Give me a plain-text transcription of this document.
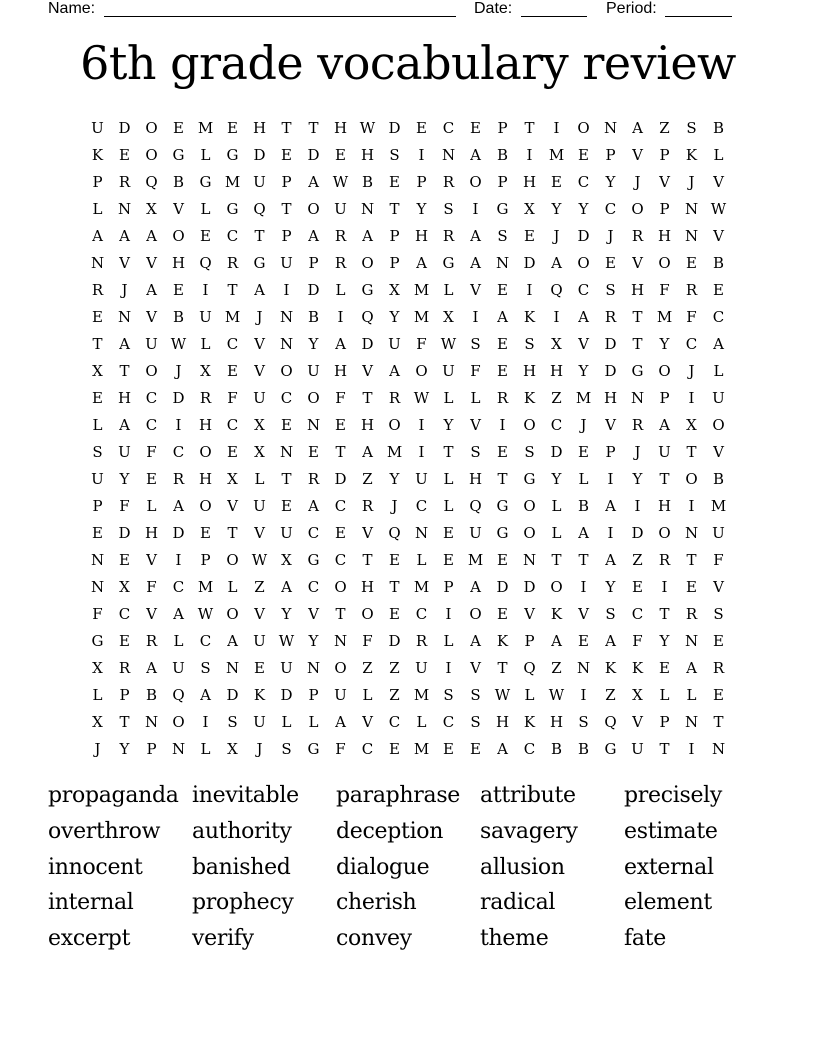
Name:	Date:	Period:
6th grade vocabulary review
U D O	E M E H	T	T	H W D	E	C	E	P	T	I	O N	A	Z	S	B
K	E	O G	L	G	D	E	D	E H	S	I	N	A	B	I	M E	P	V	P	K	L
P	R	Q	B	G M U	P	A W B	E	P	R	O	P	H E	C	Y	J	V	J	V
L	N	X	V	L	G Q	T	O U N	T	Y	S	I	G	X	Y	Y	C	O	P	N W
A	A	A	O	E	C	T	P	A	R	A	P	H R	A	S	E	J	D	J	R H N	V
N	V	V	H Q	R	G U	P	R	O	P	A	G	A	N D	A	O	E	V	O	E	B
R	J	A	E	I	T	A	I	D	L	G	X M L	V	E	I	Q	C	S	H	F	R	E
E N	V	B	U M	J	N B	I	Q	Y M X	I	A	K	I	A	R	T M F	C
T	A	U W L	C	V	N	Y	A	D U	F W S	E	S	X	V	D	T	Y	C	A
X	T	O	J	X	E	V	O U H	V	A	O U	F	E H H	Y	D G O	J	L
E H C	D	R	F	U C	O	F	T	R W L	L	R	K	Z M H N	P	I	U
L	A	C	I	H C	X	E N E H O	I	Y	V	I	O	C	J	V	R	A	X	O
S	U	F	C	O	E	X	N E	T	A M	I	T	S	E	S	D	E	P	J	U	T	V
U	Y	E	R H	X	L	T	R	D	Z	Y	U	L	H	T	G	Y	L	I	Y	T	O	B
P	F	L	A	O	V	U	E	A	C	R	J	C	L	Q G O	L	B	A	I	H	I	M
E	D H D	E	T	V	U C	E	V	Q N E	U G O	L	A	I	D O N U
N E	V	I	P	O W X	G	C	T	E	L	E M E N	T	T	A	Z	R	T	F
N	X	F	C M L	Z	A	C	O H	T M P	A	D D O	I	Y	E	I	E	V
F	C	V	A W O	V	Y	V	T	O	E	C	I	O	E	V	K	V	S	C	T	R	S
G	E	R	L	C	A	U W Y	N	F	D	R	L	A	K	P	A	E	A	F	Y	N E
X	R	A	U	S	N E	U N O	Z	Z	U	I	V	T	Q	Z	N K	K	E	A	R
L	P	B	Q	A	D	K	D	P	U	L	Z M S	S W L W	I	Z	X	L	L	E
X	T	N O	I	S	U	L	L	A	V	C	L	C	S	H K H	S	Q	V	P	N	T
J	Y	P	N	L	X	J	S	G	F	C	E M E	E	A	C	B	B	G U	T	I	N
propaganda inevitable	paraphrase attribute	precisely
overthrow	authority	deception	savagery	estimate
innocent	banished	dialogue	allusion	external
internal	prophecy	cherish	radical	element
excerpt	verify	convey	theme	fate
